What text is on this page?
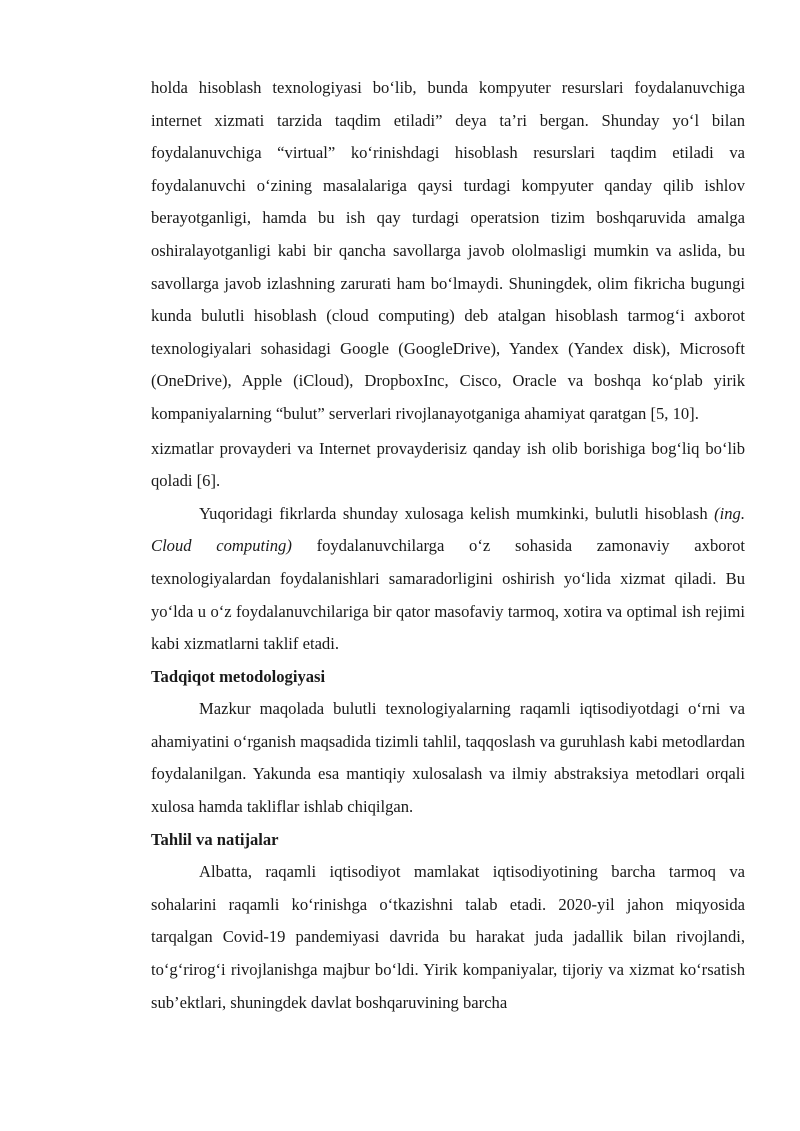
holda hisoblash texnologiyasi bo‘lib, bunda kompyuter resurslari foydalanuvchiga internet xizmati tarzida taqdim etiladi” deya ta’ri bergan. Shunday yo‘l bilan foydalanuvchiga “virtual” ko‘rinishdagi hisoblash resurslari taqdim etiladi va foydalanuvchi o‘zining masalalariga qaysi turdagi kompyuter qanday qilib ishlov berayotganligi, hamda bu ish qay turdagi operatsion tizim boshqaruvida amalga oshiralayotganligi kabi bir qancha savollarga javob ololmasligi mumkin va aslida, bu savollarga javob izlashning zarurati ham bo‘lmaydi. Shuningdek, olim fikricha bugungi kunda bulutli hisoblash (cloud computing) deb atalgan hisoblash tarmog‘i axborot texnologiyalari sohasidagi Google (GoogleDrive), Yandex (Yandex disk), Microsoft (OneDrive), Apple (iCloud), DropboxInc, Cisco, Oracle va boshqa ko‘plab yirik kompaniyalarning “bulut” serverlari rivojlanayotganiga ahamiyat qaratgan [5, 10].

xizmatlar provayderi va Internet provayderisiz qanday ish olib borishiga bog‘liq bo‘lib qoladi [6].

Yuqoridagi fikrlarda shunday xulosaga kelish mumkinki, bulutli hisoblash (ing. Cloud computing) foydalanuvchilarga o‘z sohasida zamonaviy axborot texnologiyalardan foydalanishlari samaradorligini oshirish yo‘lida xizmat qiladi. Bu yo‘lda u o‘z foydalanuvchilariga bir qator masofaviy tarmoq, xotira va optimal ish rejimi kabi xizmatlarni taklif etadi.

Tadqiqot metodologiyasi

Mazkur maqolada bulutli texnologiyalarning raqamli iqtisodiyotdagi o‘rni va ahamiyatini o‘rganish maqsadida tizimli tahlil, taqqoslash va guruhlash kabi metodlardan foydalanilgan. Yakunda esa mantiqiy xulosalash va ilmiy abstraksiya metodlari orqali xulosa hamda takliflar ishlab chiqilgan.

Tahlil va natijalar

Albatta, raqamli iqtisodiyot mamlakat iqtisodiyotining barcha tarmoq va sohalarini raqamli ko‘rinishga o‘tkazishni talab etadi. 2020-yil jahon miqyosida tarqalgan Covid-19 pandemiyasi davrida bu harakat juda jadallik bilan rivojlandi, to‘g‘rirog‘i rivojlanishga majbur bo‘ldi. Yirik kompaniyalar, tijoriy va xizmat ko‘rsatish sub’ektlari, shuningdek davlat boshqaruvining barcha
